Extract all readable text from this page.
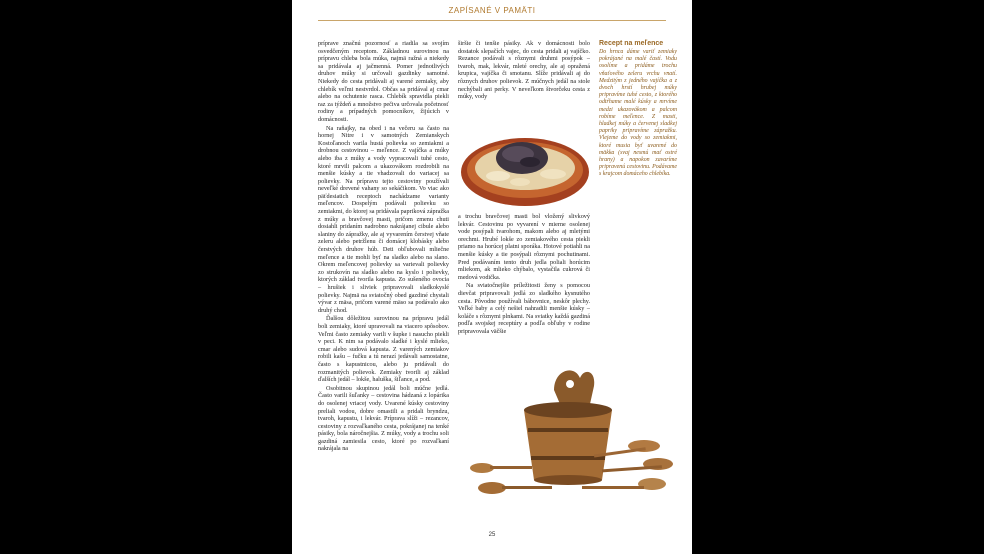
ZAPÍSANÉ V PAMÄTI

príprave značnú pozornosť a riadila sa svojím osvedčeným receptom. Základnou surovinou na prípravu chleba bola múka, najmä ražná a niekedy sa pridávala aj jačmenná. Pomer jednotlivých druhov múky si určovali gazdinky samotné. Niekedy do cesta pridávali aj varené zemiaky, aby chlebík veľmi nestvrdol. Občas sa pridával aj cmar alebo na ochutenie rasca. Chlebík spravidla piekli raz za týždeň a množstvo pečiva určovala početnosť rodiny a prípadných pomocníkov, žijúcich v domácnosti.

Na raňajky, na obed i na večeru sa často na hornej Nitre i v samotných Zemianskych Kostoľanoch varila hustá polievka so zemiakmi a drobnou cestovinou – meľence. Z vajíčka a múky alebo iba z múky a vody vypracovali tuhé cesto, ktoré mrvili palcom a ukazovákom rozdrobili na menšie kúsky a tie vhadzovali do variacej sa polievky. Na prípravu tejto cestoviny používali neveľké drevené vahany so sekáčikom. Vo viac ako päťdesiatich receptoch nachádzame varianty meľencov. Dospelým podávali polievku so zemiakmi, do ktorej sa pridávala papriková zápražka z múky a bravčovej masti, pričom zmenu chuti dosiahli pridaním nadrobno nakrájanej cibule alebo slaniny do zápražky, ale aj vyvarením čerstvej vňate zeleru alebo petržlenu či domácej klobásky alebo čerstvých druhov húb. Deti obľubovali mliečne meľence a tie mohli byť na sladko alebo na slano. Okrem meľencovej polievky sa varievali polievky zo strukovín na sladko alebo na kyslo i polievky, ktorých základ tvorila kapusta. Zo sušeného ovocia – hrušiek i sliviek pripravovali sladkokyslé polievky. Najmä na sviatočný obed gazdiné chystali vývar z mäsa, pričom varené mäso sa podávalo ako druhý chod.

Ďalšou dôležitou surovinou na prípravu jedál boli zemiaky, ktoré upravovali na viacero spôsobov. Veľmi často zemiaky varili v šupke i nasucho piekli v peci. K nim sa podávalo sladké i kyslé mlieko, cmar alebo sudová kapusta. Z varených zemiakov robili kašu – fučku a tú nerazí jedávali samostatne, často s kapustnicou, alebo ju pridávali do rozmanitých polievok. Zemiaky tvorili aj základ ďalších jedál – lokše, haluška, šiľance, a pod.

Osobitnou skupinou jedál boli múčne jedlá. Často varili šuľanky – cestovina hádzaná z lopárika do osolenej vriacej vody. Uvarené kúsky cestoviny preliali vodou, dobre omastili a pridali bryndzu, tvaroh, kapustu, i lekvár. Príprava slíži – rezancov, cestoviny z rozvaľkaného cesta, pokrájanej na tenké pásiky, bola náročnejšia. Z múky, vody a trochu soli gazdiná zamiesila cesto, ktoré po rozvaľkaní nakrájala na

širšie či tenšie pásiky. Ak v domácnosti bolo dostatok slepačích vajec, do cesta pridali aj vajíčko. Rezance podávali s rôznymi druhmi posýpok – tvaroh, mak, lekvár, mleté orechy, ale aj opražená krupica, vajíčka či smotanu. Slíže pridávali aj do rôznych druhov polievok. Z múčnych jedál na stole nechýbali ani perky. V neveľkom štvorčeku cesta z múky, vody

a trochu bravčovej masti bol vložený slivkový lekvár. Cestovinu po vyvarení v mierne osolenej vode posýpali tvarohom, makom alebo aj mletými orechmi. Hrubé lokše zo zemiakového cesta piekli priamo na horúcej platni sporáka. Hotové potiahli na menšie kúsky a tie posýpali rôznymi pochutinami. Pred podávaním tento druh jedla poliali horúcim mliekom, ak mlieko chýbalo, vystačila cukrová či medová vodička.

Na sviatočnejšie príležitosti ženy s pomocou dievčat pripravovali jedlá zo sladkého kysnutého cesta. Pôvodne používali bábovnice, neskôr plechy. Veľké baby a celý nešiel nahradili menšie kúsky – koláče s rôznymi plnkami. Na sviatky každá gazdiná podľa svojskej receptúry a podľa obľuby v rodine pripravovala väčšie

Recept na meľence
Do hrnca dáme variť zemiaky pokrájané na malé častí. Vodu osolíme a pridáme trochu vňaťového zeleru vrchu vnatí. Medzitým z jedného vajíčka a z dvoch hrstí hrubej múky pripravíme tuhé cesto, z ktorého odtŕhame malé kúsky a mrvíme medzi ukazovákom a palcom robíme meľence. Z masti, hladkej múky a červenej sladkej papriky pripravíme zápražku. Vlejeme do vody so zemiakmi, ktoré musia byť uvarené do mäkka (svaj nesmú mať ostré hrany) a napokon zavaríme pripravenú cestovinu. Podávame s krajcom domáceho chlebíka.
25
